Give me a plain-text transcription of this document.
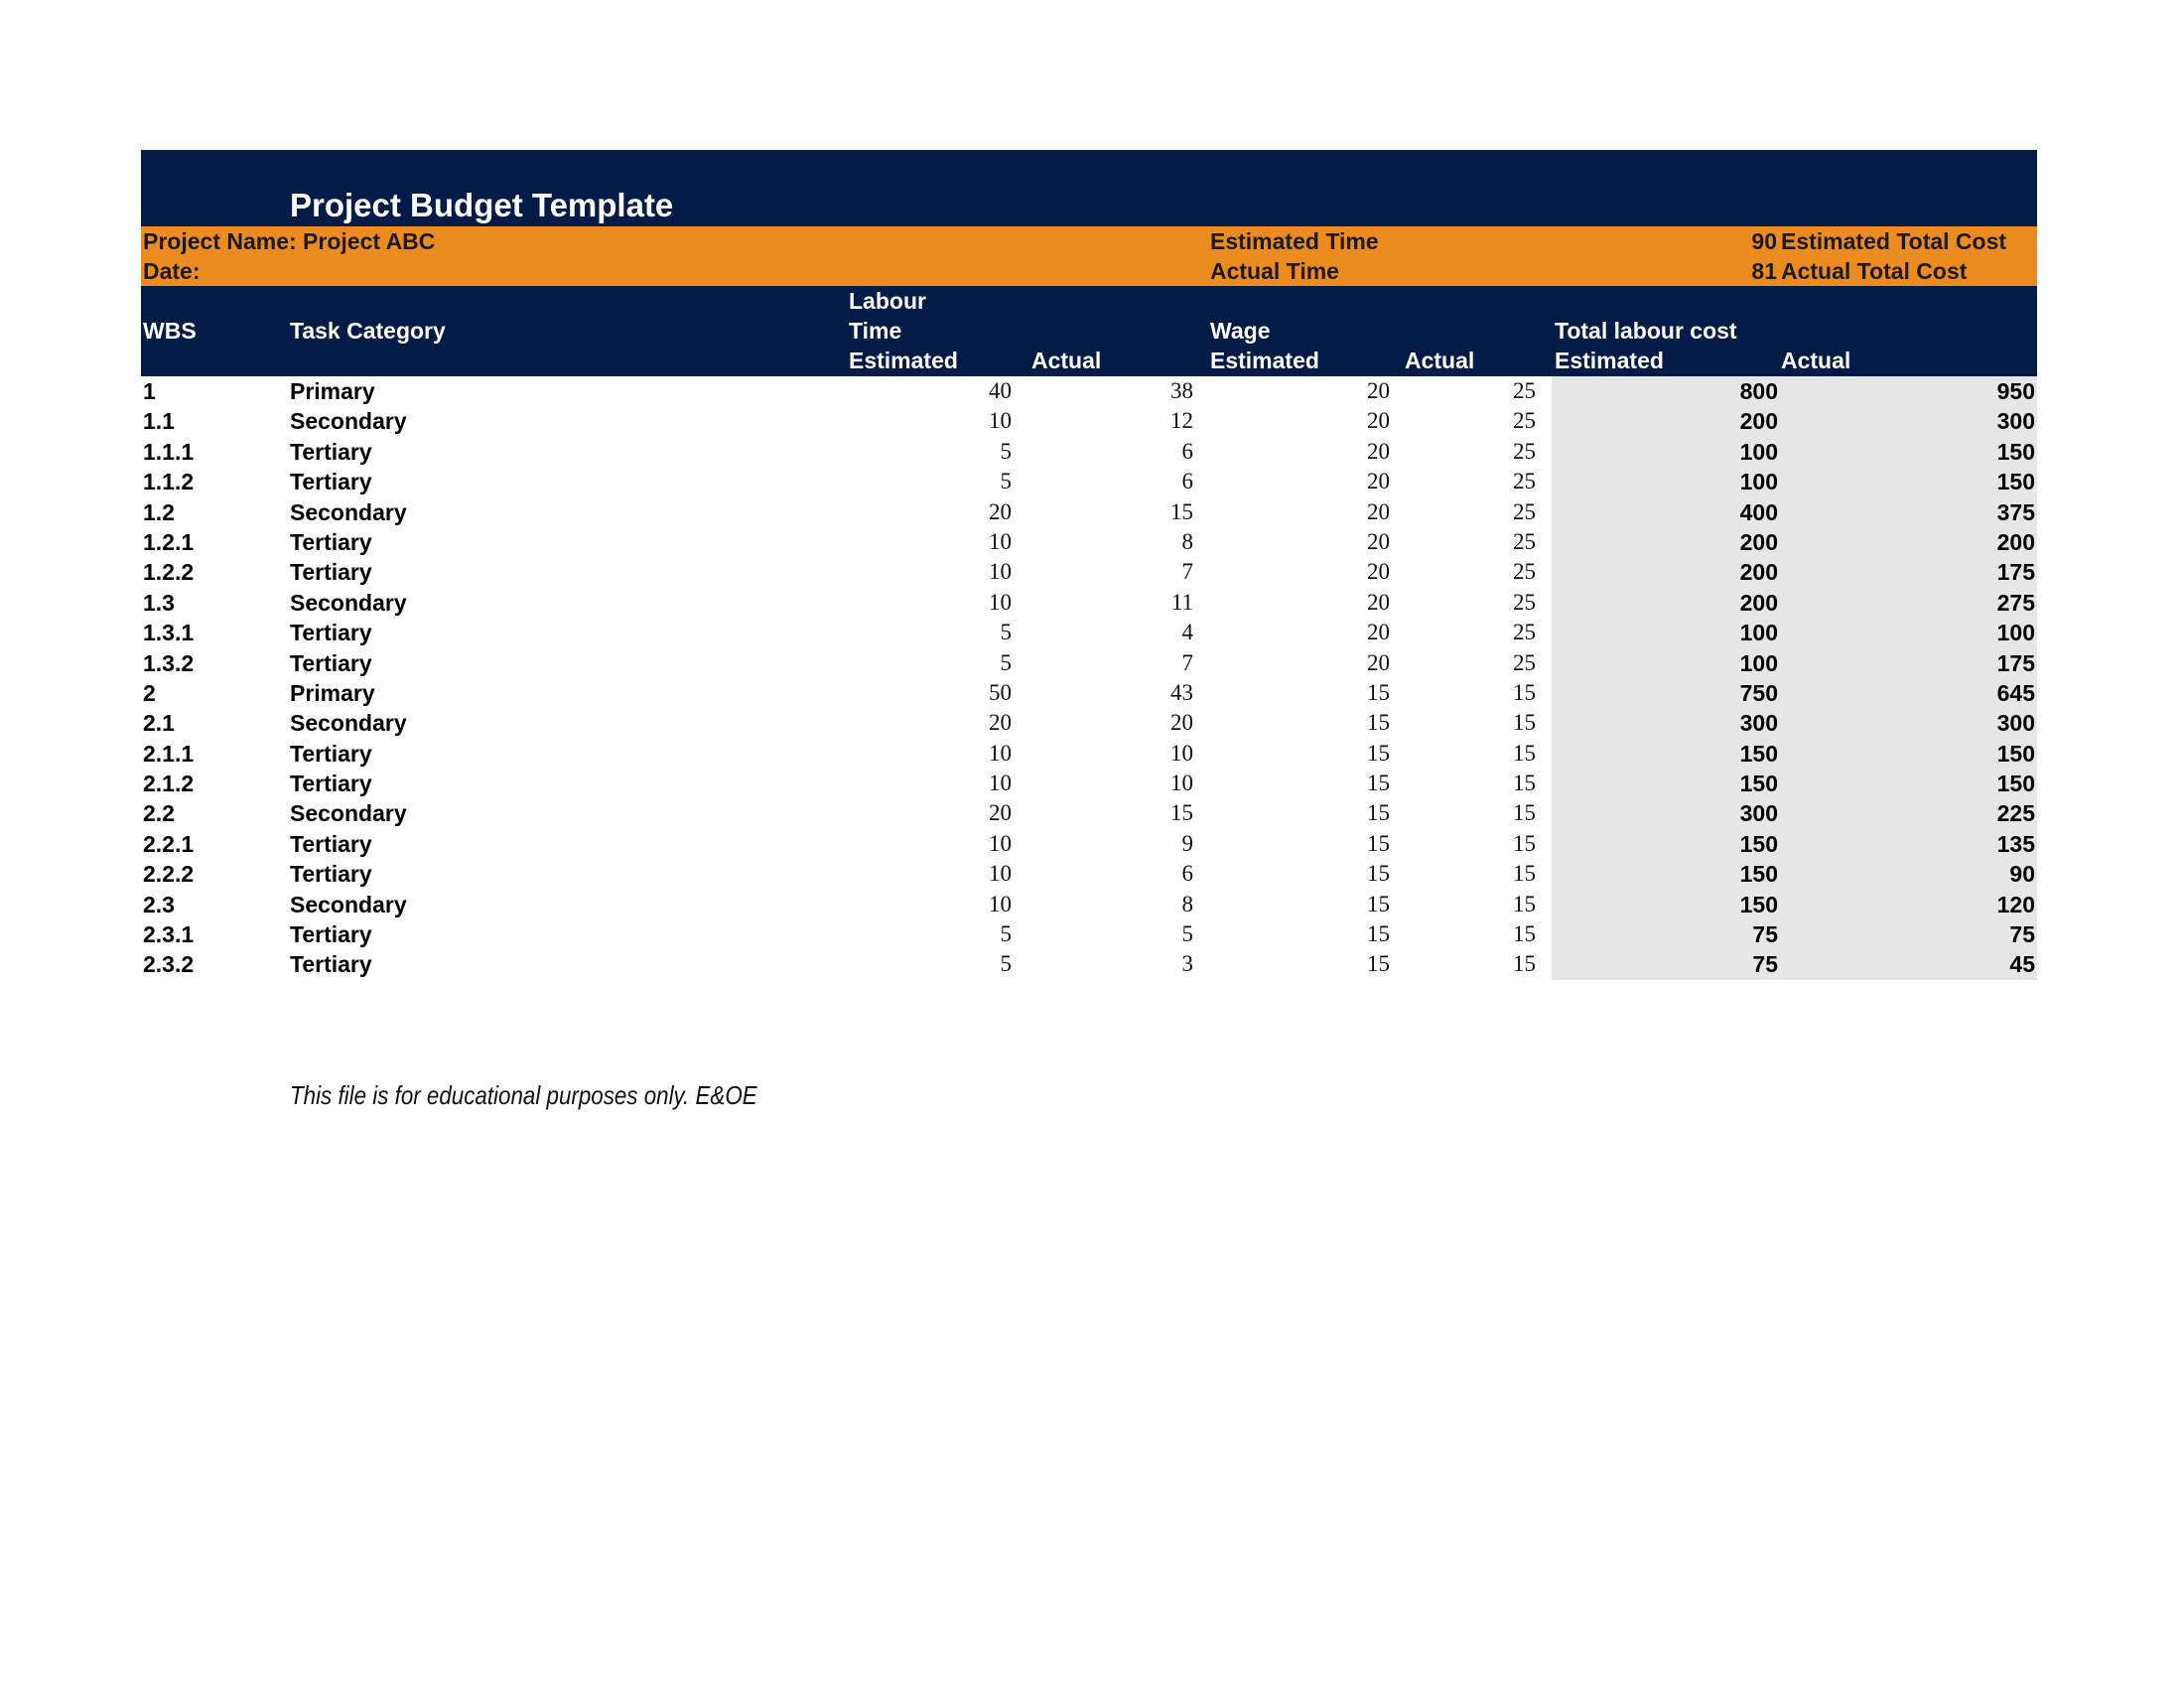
Project Budget Template
Project Name: Project ABC	Estimated Time	90 Estimated Total Cost
Date:	Actual Time	81 Actual Total Cost
WBS	Task Category
Labour
Time
Estimated	Actual
Wage
Estimated	Actual
Total labour cost
Estimated	Actual
1	Primary	40	38	20	25	800	950
1.1	Secondary	10	12	20	25	200	300
1.1.1	Tertiary	5	6	20	25	100	150
1.1.2	Tertiary	5	6	20	25	100	150
1.2	Secondary	20	15	20	25	400	375
1.2.1	Tertiary	10	8	20	25	200	200
1.2.2	Tertiary	10	7	20	25	200	175
1.3	Secondary	10	11	20	25	200	275
1.3.1	Tertiary	5	4	20	25	100	100
1.3.2	Tertiary	5	7	20	25	100	175
2	Primary	50	43	15	15	750	645
2.1	Secondary	20	20	15	15	300	300
2.1.1	Tertiary	10	10	15	15	150	150
2.1.2	Tertiary	10	10	15	15	150	150
2.2	Secondary	20	15	15	15	300	225
2.2.1	Tertiary	10	9	15	15	150	135
2.2.2	Tertiary	10	6	15	15	150	90
2.3	Secondary	10	8	15	15	150	120
2.3.1	Tertiary	5	5	15	15	75	75
2.3.2	Tertiary	5	3	15	15	75	45
This file is for educational purposes only. E&OE
